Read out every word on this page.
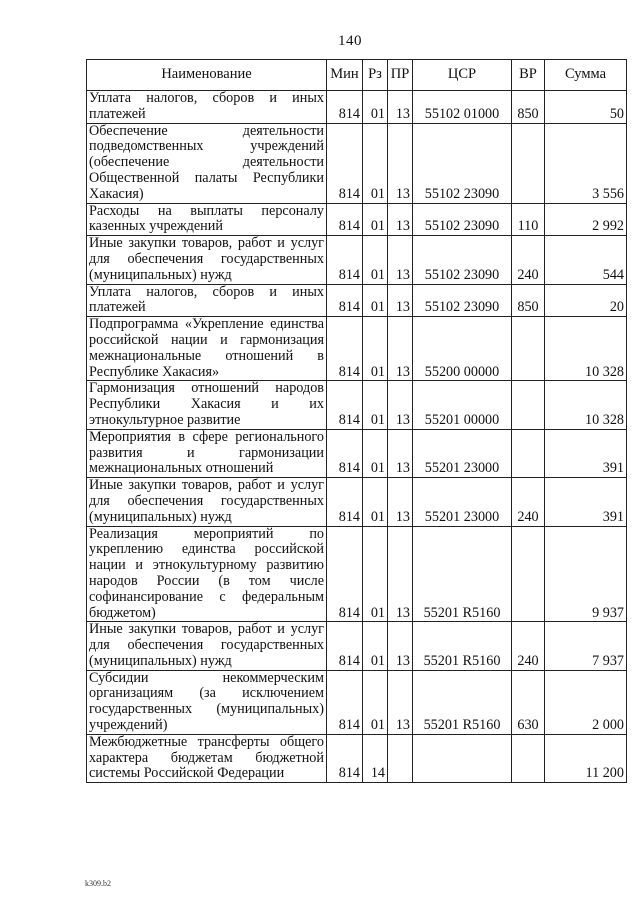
140
Наименование	Мин	Рз	ПР	ЦСР	ВР	Сумма
Уплата налогов, сборов и иных платежей	814	01	13	55102 01000	850	50
Обеспечение деятельности подведомственных учреждений (обеспечение деятельности Общественной палаты Республики Хакасия)	814	01	13	55102 23090		3 556
Расходы на выплаты персоналу казенных учреждений	814	01	13	55102 23090	110	2 992
Иные закупки товаров, работ и услуг для обеспечения государственных (муниципальных) нужд	814	01	13	55102 23090	240	544
Уплата налогов, сборов и иных платежей	814	01	13	55102 23090	850	20
Подпрограмма «Укрепление единства российской нации и гармонизация межнациональные отношений в Республике Хакасия»	814	01	13	55200 00000		10 328
Гармонизация отношений народов Республики Хакасия и их этнокультурное развитие	814	01	13	55201 00000		10 328
Мероприятия в сфере регионального развития и гармонизации межнациональных отношений	814	01	13	55201 23000		391
Иные закупки товаров, работ и услуг для обеспечения государственных (муниципальных) нужд	814	01	13	55201 23000	240	391
Реализация мероприятий по укреплению единства российской нации и этнокультурному развитию народов России (в том числе софинансирование с федеральным бюджетом)	814	01	13	55201 R5160		9 937
Иные закупки товаров, работ и услуг для обеспечения государственных (муниципальных) нужд	814	01	13	55201 R5160	240	7 937
Субсидии некоммерческим организациям (за исключением государственных (муниципальных) учреждений)	814	01	13	55201 R5160	630	2 000
Межбюджетные трансферты общего характера бюджетам бюджетной системы Российской Федерации	814	14				11 200
k309.b2
